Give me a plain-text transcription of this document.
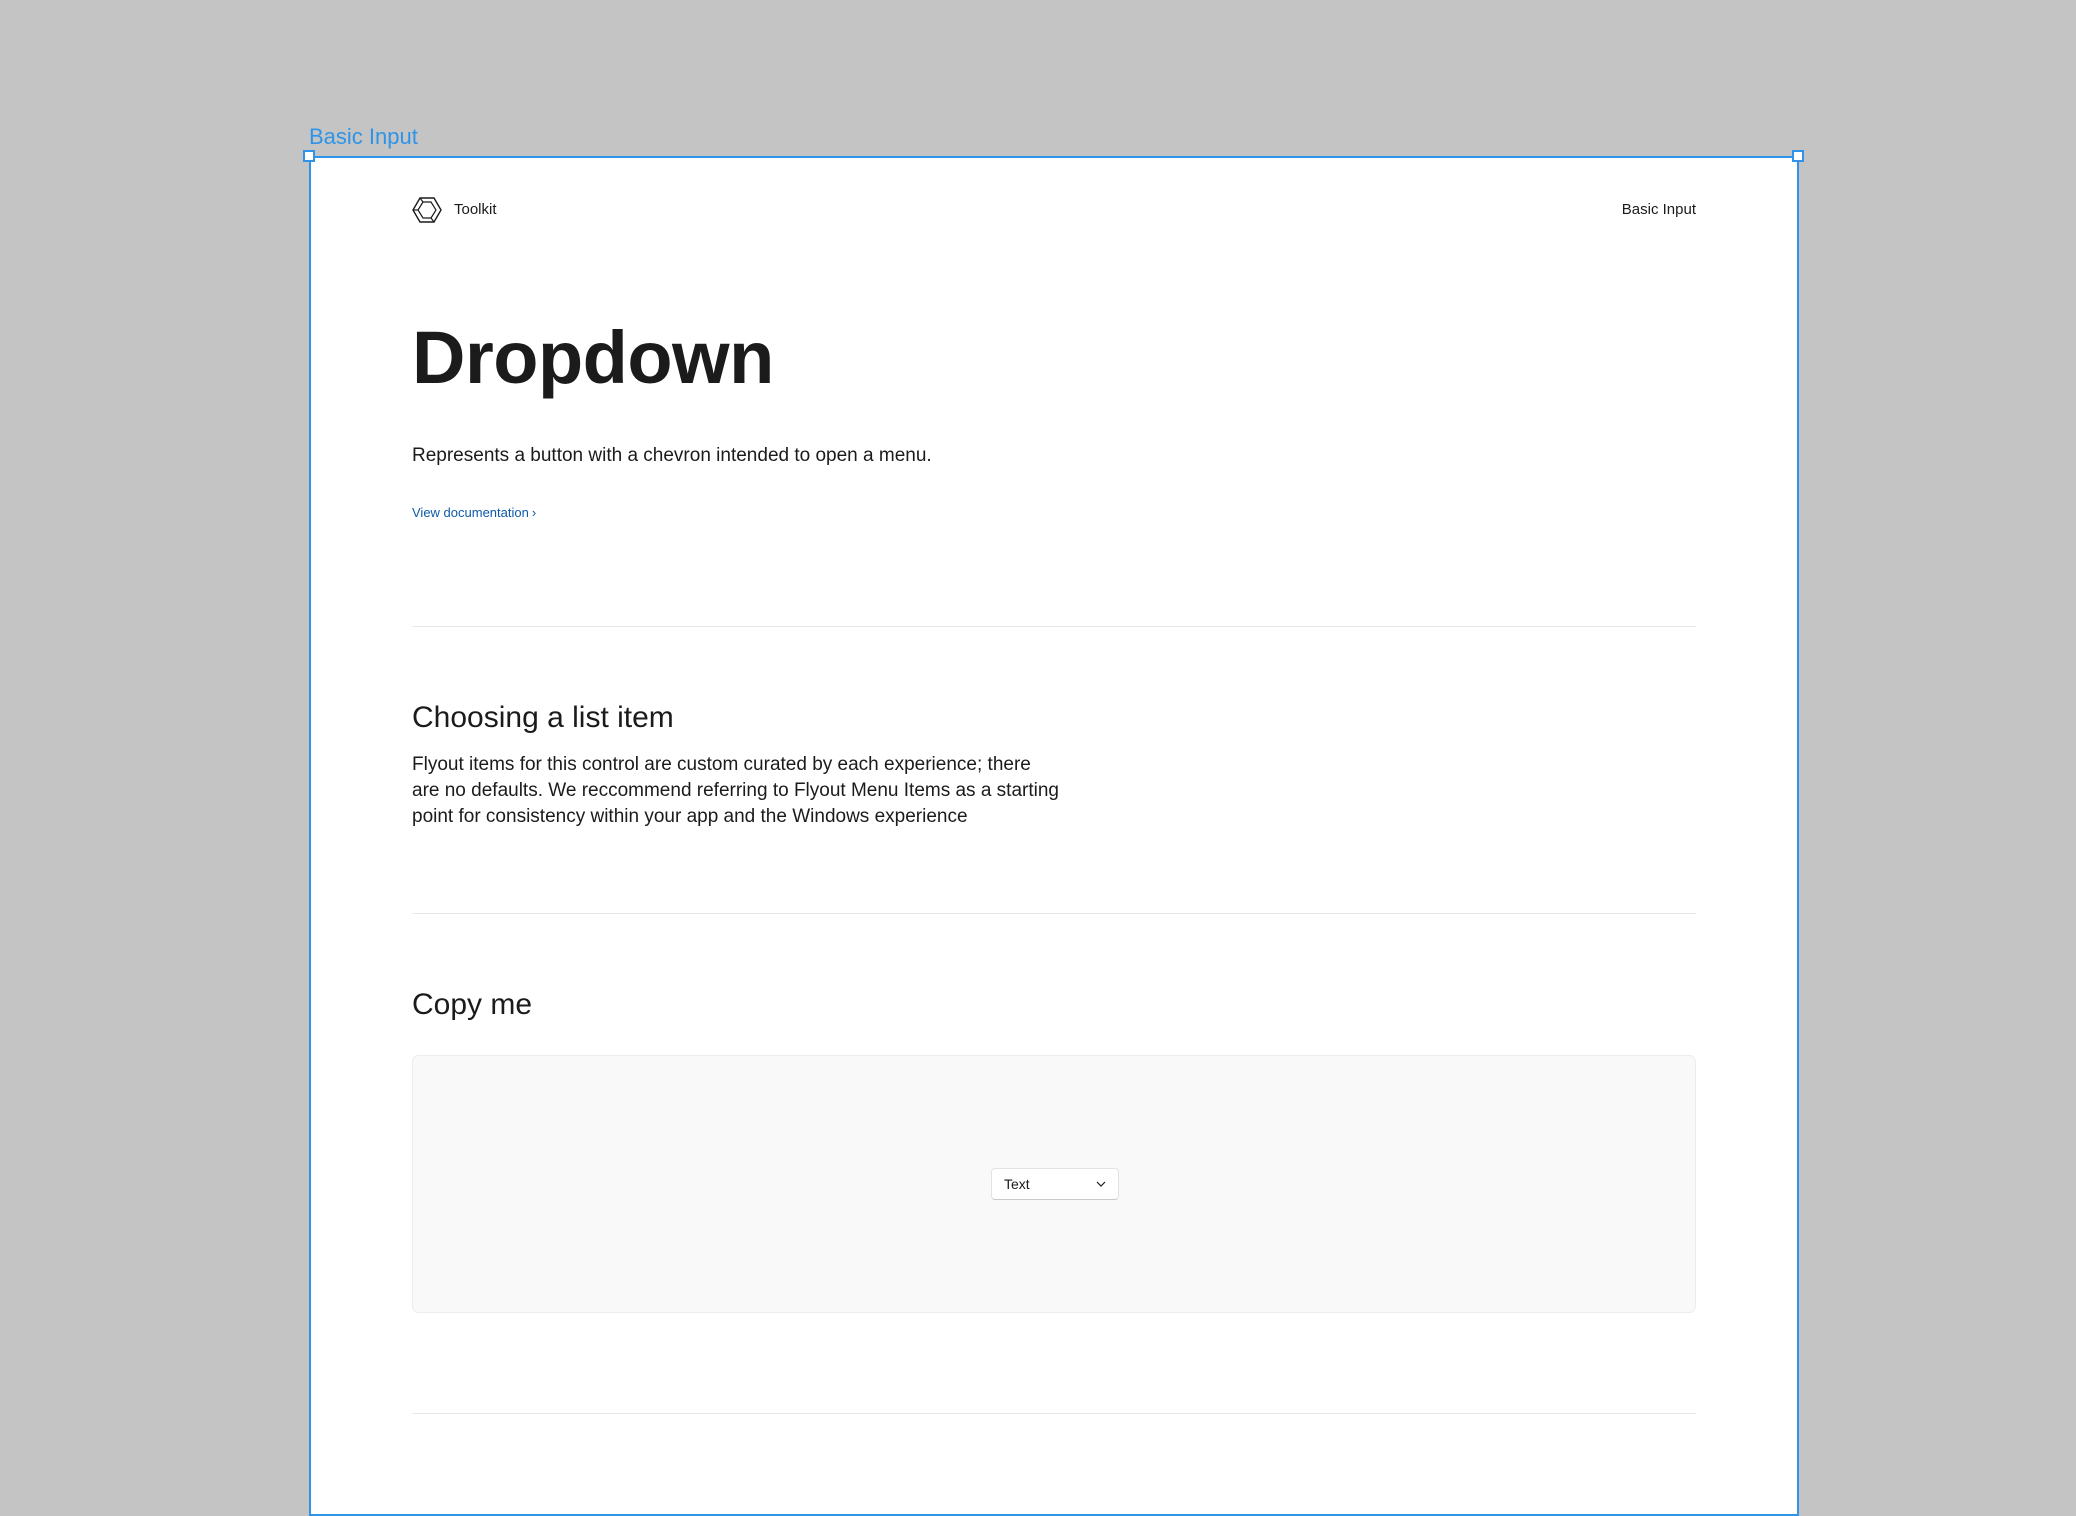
Basic Input
Toolkit	Basic Input
Dropdown

Represents a button with a chevron intended to open a menu.

View documentation ›
Choosing a list item

Flyout items for this control are custom curated by each experience; there are no defaults. We reccommend referring to Flyout Menu Items as a starting point for consistency within your app and the Windows experience

Copy me
Text
